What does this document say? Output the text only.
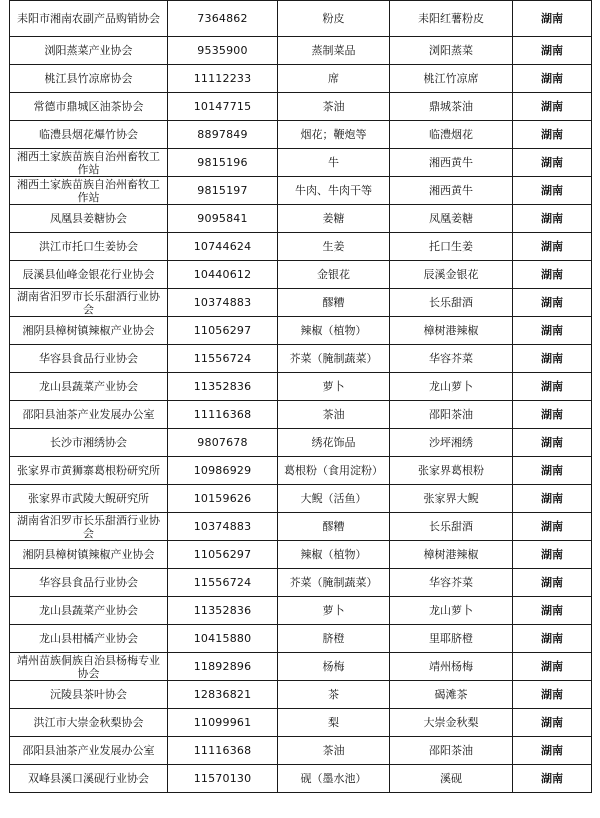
耒阳市湘南农副产品购销协会	7364862	粉皮	耒阳红薯粉皮	湖南
浏阳蒸菜产业协会	9535900	蒸制菜品	浏阳蒸菜	湖南
桃江县竹凉席协会	11112233	席	桃江竹凉席	湖南
常德市鼎城区油茶协会	10147715	茶油	鼎城茶油	湖南
临澧县烟花爆竹协会	8897849	烟花；鞭炮等	临澧烟花	湖南
湘西土家族苗族自治州畜牧工作站	9815196	牛	湘西黄牛	湖南
湘西土家族苗族自治州畜牧工作站	9815197	牛肉、牛肉干等	湘西黄牛	湖南
凤凰县姜糖协会	9095841	姜糖	凤凰姜糖	湖南
洪江市托口生姜协会	10744624	生姜	托口生姜	湖南
辰溪县仙峰金银花行业协会	10440612	金银花	辰溪金银花	湖南
湖南省汨罗市长乐甜酒行业协会	10374883	醪糟	长乐甜酒	湖南
湘阴县樟树镇辣椒产业协会	11056297	辣椒（植物）	樟树港辣椒	湖南
华容县食品行业协会	11556724	芥菜（腌制蔬菜）	华容芥菜	湖南
龙山县蔬菜产业协会	11352836	萝卜	龙山萝卜	湖南
邵阳县油茶产业发展办公室	11116368	茶油	邵阳茶油	湖南
长沙市湘绣协会	9807678	绣花饰品	沙坪湘绣	湖南
张家界市黄狮寨葛根粉研究所	10986929	葛根粉（食用淀粉）	张家界葛根粉	湖南
张家界市武陵大鲵研究所	10159626	大鲵（活鱼）	张家界大鲵	湖南
湖南省汨罗市长乐甜酒行业协会	10374883	醪糟	长乐甜酒	湖南
湘阴县樟树镇辣椒产业协会	11056297	辣椒（植物）	樟树港辣椒	湖南
华容县食品行业协会	11556724	芥菜（腌制蔬菜）	华容芥菜	湖南
龙山县蔬菜产业协会	11352836	萝卜	龙山萝卜	湖南
龙山县柑橘产业协会	10415880	脐橙	里耶脐橙	湖南
靖州苗族侗族自治县杨梅专业协会	11892896	杨梅	靖州杨梅	湖南
沅陵县茶叶协会	12836821	茶	碣滩茶	湖南
洪江市大崇金秋梨协会	11099961	梨	大崇金秋梨	湖南
邵阳县油茶产业发展办公室	11116368	茶油	邵阳茶油	湖南
双峰县溪口溪砚行业协会	11570130	砚（墨水池）	溪砚	湖南
